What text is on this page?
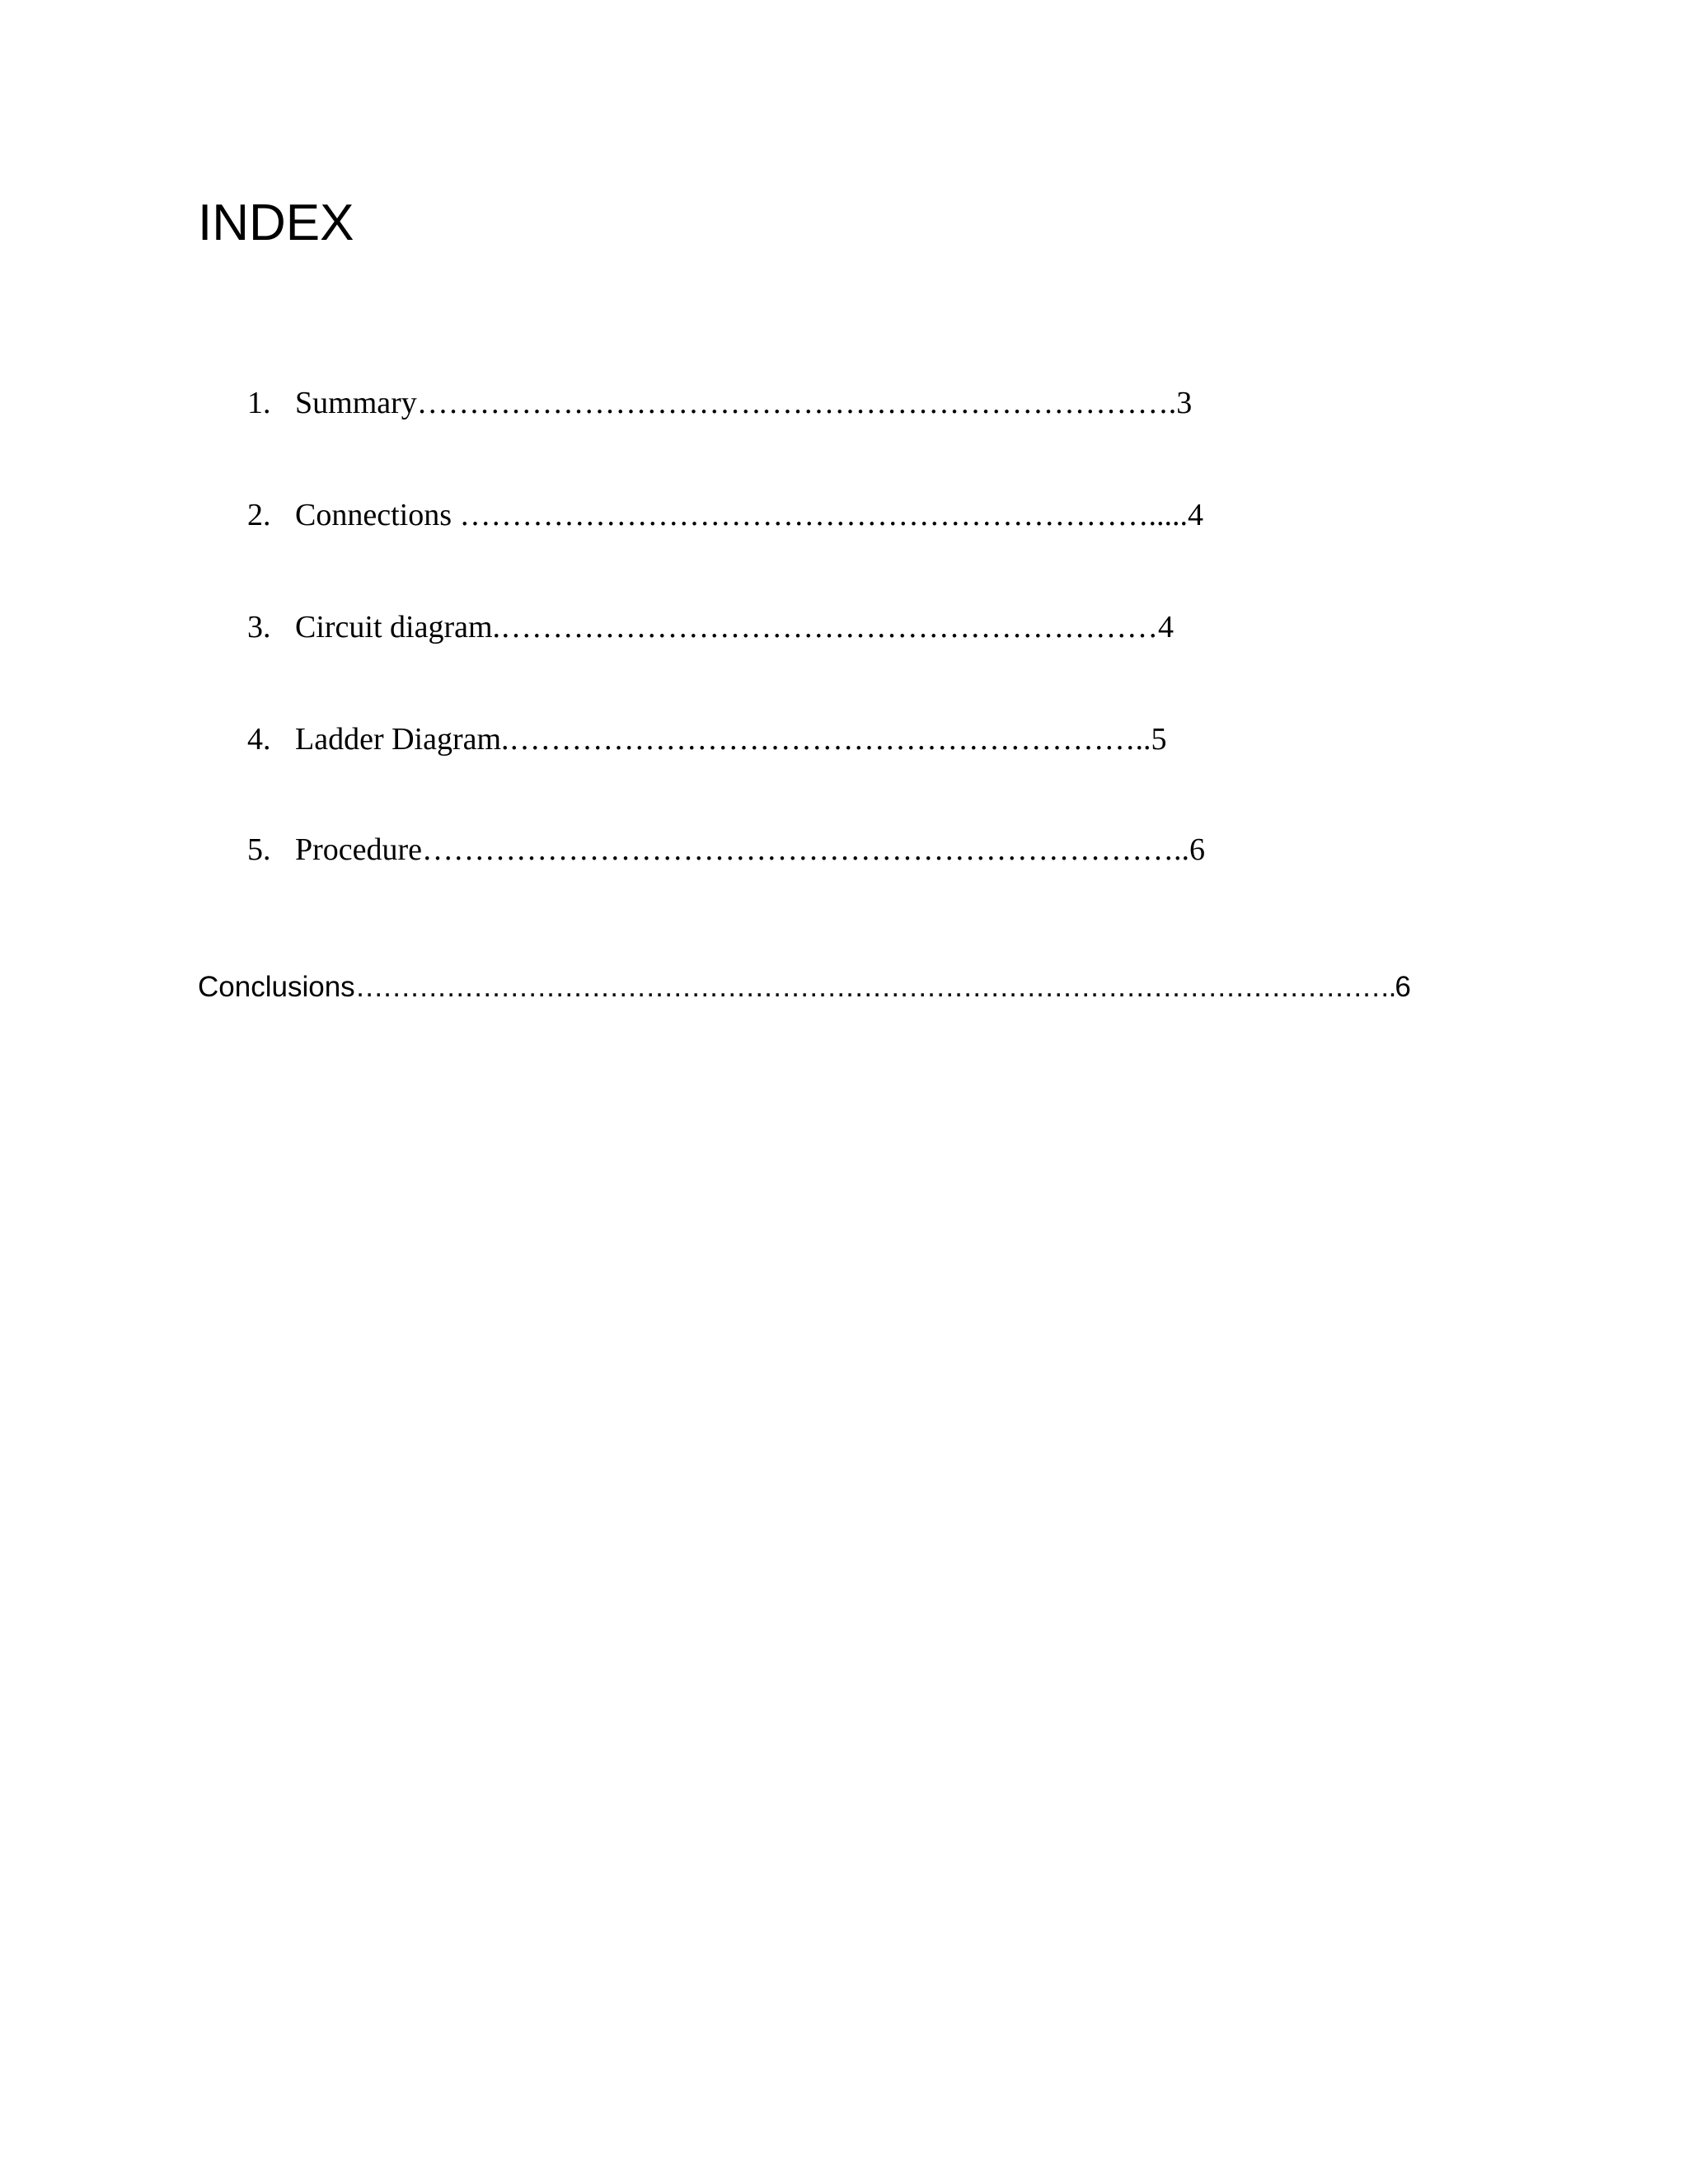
INDEX
1. Summary……………………………………………………………….3
2. Connections ………………………………………………………….....4
3. Circuit diagram.………………………………………………………4
4. Ladder Diagram.……………………………………………………..5
5. Procedure………………………………………………………………..6
Conclusions…………………………………………………………………………………………………….6
